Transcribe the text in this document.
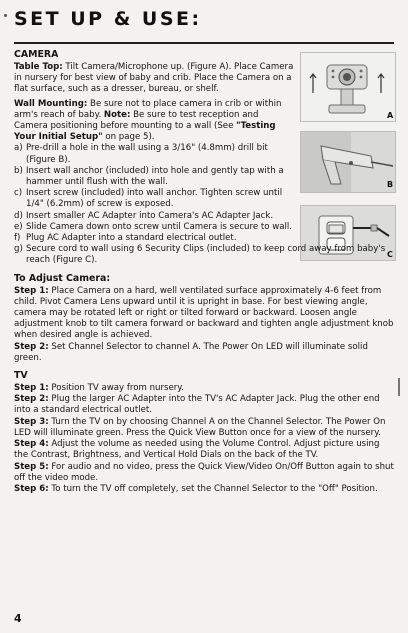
SET UP & USE:
A
B
C
CAMERA

Table Top: Tilt Camera/Microphone up. (Figure A). Place Camera in nursery for best view of baby and crib. Place the Camera on a flat surface, such as a dresser, bureau, or shelf.

Wall Mounting: Be sure not to place camera in crib or within arm's reach of baby. Note: Be sure to test reception and Camera positioning before mounting to a wall (See "Testing Your Initial Setup" on page 5).

a) Pre-drill a hole in the wall using a 3/16" (4.8mm) drill bit (Figure B).
b) Insert wall anchor (included) into hole and gently tap with a hammer until flush with the wall.
c) Insert screw (included) into wall anchor. Tighten screw until 1/4" (6.2mm) of screw is exposed.
d) Insert smaller AC Adapter into Camera's AC Adapter Jack.
e) Slide Camera down onto screw until Camera is secure to wall.
f) Plug AC Adapter into a standard electrical outlet.
g) Secure cord to wall using 6 Security Clips (included) to keep cord away from baby's reach (Figure C).
To Adjust Camera:

Step 1: Place Camera on a hard, well ventilated surface approximately 4-6 feet from child. Pivot Camera Lens upward until it is upright in base. For best viewing angle, camera may be rotated left or right or tilted forward or backward. Loosen angle adjustment knob to tilt camera forward or backward and tighten angle adjustment knob when desired angle is achieved.

Step 2: Set Channel Selector to channel A. The Power On LED will illuminate solid green.

TV

Step 1: Position TV away from nursery.

Step 2: Plug the larger AC Adapter into the TV's AC Adapter Jack. Plug the other end into a standard electrical outlet.

Step 3: Turn the TV on by choosing Channel A on the Channel Selector. The Power On LED will illuminate green. Press the Quick View Button once for a view of the nursery.

Step 4: Adjust the volume as needed using the Volume Control. Adjust picture using the Contrast, Brightness, and Vertical Hold Dials on the back of the TV.

Step 5: For audio and no video, press the Quick View/Video On/Off Button again to shut off the video mode.

Step 6: To turn the TV off completely, set the Channel Selector to the "Off" Position.

4
